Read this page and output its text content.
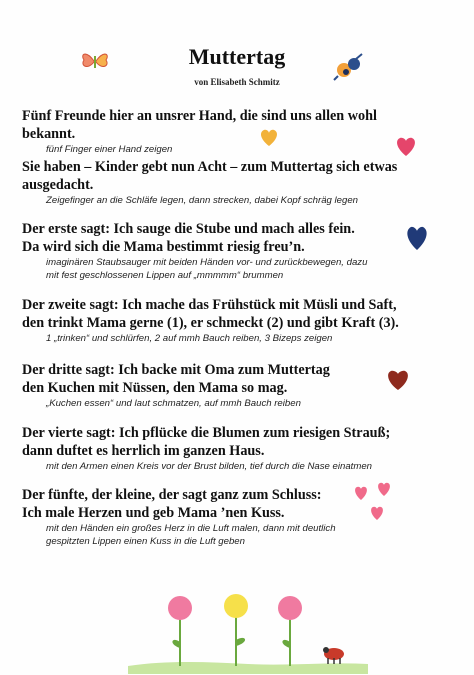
Muttertag
von Elisabeth Schmitz
Fünf Freunde hier an unsrer Hand, die sind uns allen wohl
bekannt.
fünf Finger einer Hand zeigen
Sie haben – Kinder gebt nun Acht – zum Muttertag sich etwas
ausgedacht.
Zeigefinger an die Schläfe legen, dann strecken, dabei Kopf schräg legen
Der erste sagt: Ich sauge die Stube und mach alles fein.
Da wird sich die Mama bestimmt riesig freu’n.
imaginären Staubsauger mit beiden Händen vor- und zurückbewegen, dazu
mit fest geschlossenen Lippen auf „mmmmm“ brummen
Der zweite sagt: Ich mache das Frühstück mit Müsli und Saft,
den trinkt Mama gerne (1), er schmeckt (2) und gibt Kraft (3).
1 „trinken“ und schlürfen, 2 auf mmh Bauch reiben, 3 Bizeps zeigen
Der dritte sagt: Ich backe mit Oma zum Muttertag
den Kuchen mit Nüssen, den Mama so mag.
„Kuchen essen“ und laut schmatzen, auf mmh Bauch reiben
Der vierte sagt: Ich pflücke die Blumen zum riesigen Strauß;
dann duftet es herrlich im ganzen Haus.
mit den Armen einen Kreis vor der Brust bilden, tief durch die Nase einatmen
Der fünfte, der kleine, der sagt ganz zum Schluss:
Ich male Herzen und geb Mama ’nen Kuss.
mit den Händen ein großes Herz in die Luft malen, dann mit deutlich
gespitzten Lippen einen Kuss in die Luft geben
